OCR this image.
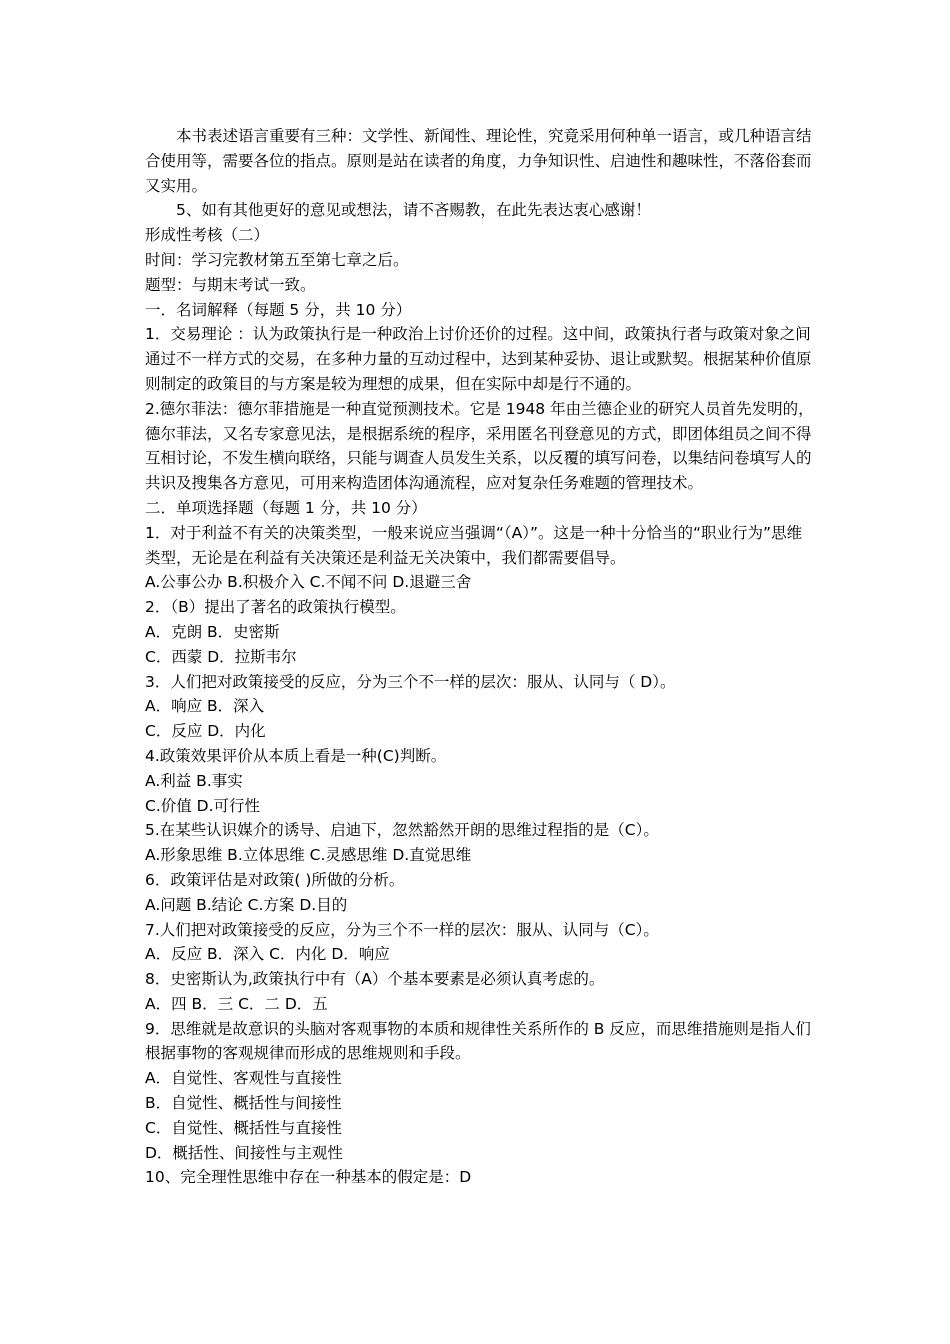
本书表述语言重要有三种：文学性、新闻性、理论性，究竟采用何种单一语言，或几种语言结合使用等，需要各位的指点。原则是站在读者的角度，力争知识性、启迪性和趣味性，不落俗套而又实用。

5、如有其他更好的意见或想法，请不吝赐教，在此先表达衷心感谢！

形成性考核（二）

时间：学习完教材第五至第七章之后。

题型：与期末考试一致。

一．名词解释（每题 5 分，共 10 分）

1．交易理论 ：认为政策执行是一种政治上讨价还价的过程。这中间，政策执行者与政策对象之间通过不一样方式的交易，在多种力量的互动过程中，达到某种妥协、退让或默契。根据某种价值原则制定的政策目的与方案是较为理想的成果，但在实际中却是行不通的。

2.德尔菲法：德尔菲措施是一种直觉预测技术。它是 1948 年由兰德企业的研究人员首先发明的，德尔菲法，又名专家意见法，是根据系统的程序，采用匿名刊登意见的方式，即团体组员之间不得互相讨论，不发生横向联络，只能与调查人员发生关系，以反覆的填写问卷，以集结问卷填写人的共识及搜集各方意见，可用来构造团体沟通流程，应对复杂任务难题的管理技术。

二．单项选择题（每题 1 分，共 10 分）

1．对于利益不有关的决策类型，一般来说应当强调“（A）”。这是一种十分恰当的“职业行为”思维类型，无论是在利益有关决策还是利益无关决策中，我们都需要倡导。

A.公事公办 B.积极介入 C.不闻不问 D.退避三舍

2．（B）提出了著名的政策执行模型。

A．克朗 B．史密斯

C．西蒙 D．拉斯韦尔

3．人们把对政策接受的反应，分为三个不一样的层次：服从、认同与（ D）。

A．响应 B．深入

C．反应 D．内化

4.政策效果评价从本质上看是一种(C)判断。

A.利益 B.事实

C.价值 D.可行性

5.在某些认识媒介的诱导、启迪下，忽然豁然开朗的思维过程指的是（C）。

A.形象思维 B.立体思维 C.灵感思维 D.直觉思维

6．政策评估是对政策( )所做的分析。

A.问题 B.结论 C.方案 D.目的

7.人们把对政策接受的反应，分为三个不一样的层次：服从、认同与（C）。

A．反应 B．深入 C．内化 D．响应

8．史密斯认为,政策执行中有（A）个基本要素是必须认真考虑的。

A．四 B．三 C．二 D．五

9．思维就是故意识的头脑对客观事物的本质和规律性关系所作的 B 反应，而思维措施则是指人们根据事物的客观规律而形成的思维规则和手段。

A．自觉性、客观性与直接性

B．自觉性、概括性与间接性

C．自觉性、概括性与直接性

D．概括性、间接性与主观性

10、完全理性思维中存在一种基本的假定是：D
